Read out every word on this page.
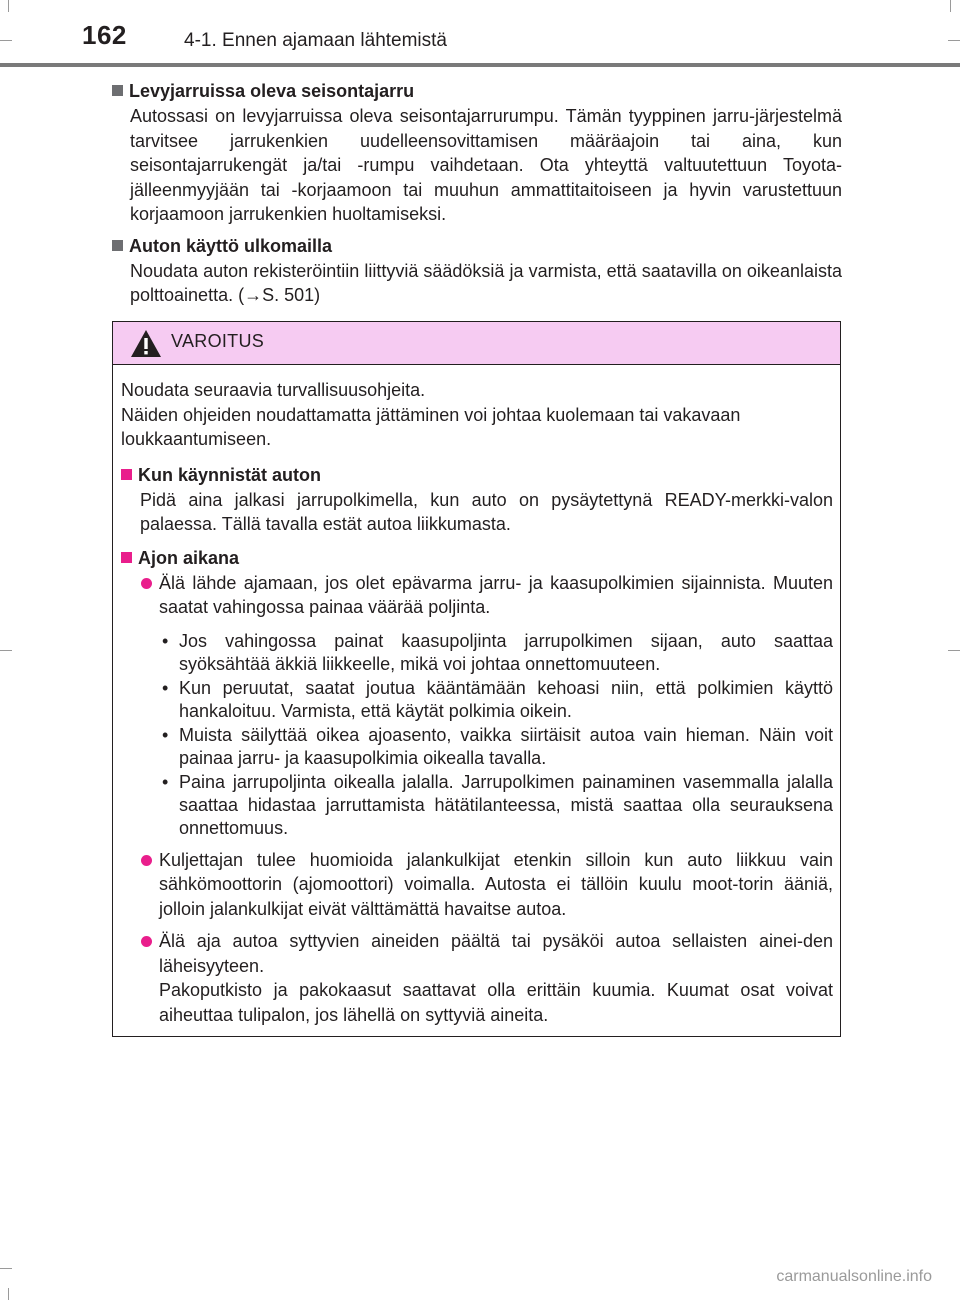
162	4-1. Ennen ajamaan lähtemistä

Levyjarruissa oleva seisontajarru

Autossasi on levyjarruissa oleva seisontajarrurumpu. Tämän tyyppinen jarru-järjestelmä tarvitsee jarrukenkien uudelleensovittamisen määräajoin tai aina, kun seisontajarrukengät ja/tai -rumpu vaihdetaan. Ota yhteyttä valtuutettuun Toyota-jälleenmyyjään tai -korjaamoon tai muuhun ammattitaitoiseen ja hyvin varustettuun korjaamoon jarrukenkien huoltamiseksi.

Auton käyttö ulkomailla

Noudata auton rekisteröintiin liittyviä säädöksiä ja varmista, että saatavilla on oikeanlaista polttoainetta. (→S. 501)

VAROITUS

Noudata seuraavia turvallisuusohjeita.
Näiden ohjeiden noudattamatta jättäminen voi johtaa kuolemaan tai vakavaan loukkaantumiseen.

Kun käynnistät auton

Pidä aina jalkasi jarrupolkimella, kun auto on pysäytettynä READY-merkki-valon palaessa. Tällä tavalla estät autoa liikkumasta.

Ajon aikana

Älä lähde ajamaan, jos olet epävarma jarru- ja kaasupolkimien sijainnista. Muuten saatat vahingossa painaa väärää poljinta.

• Jos vahingossa painat kaasupoljinta jarrupolkimen sijaan, auto saattaa syöksähtää äkkiä liikkeelle, mikä voi johtaa onnettomuuteen.
• Kun peruutat, saatat joutua kääntämään kehoasi niin, että polkimien käyttö hankaloituu. Varmista, että käytät polkimia oikein.
• Muista säilyttää oikea ajoasento, vaikka siirtäisit autoa vain hieman. Näin voit painaa jarru- ja kaasupolkimia oikealla tavalla.
• Paina jarrupoljinta oikealla jalalla. Jarrupolkimen painaminen vasemmalla jalalla saattaa hidastaa jarruttamista hätätilanteessa, mistä saattaa olla seurauksena onnettomuus.

Kuljettajan tulee huomioida jalankulkijat etenkin silloin kun auto liikkuu vain sähkömoottorin (ajomoottori) voimalla. Autosta ei tällöin kuulu moot-torin ääniä, jolloin jalankulkijat eivät välttämättä havaitse autoa.

Älä aja autoa syttyvien aineiden päältä tai pysäköi autoa sellaisten ainei-den läheisyyteen.

Pakoputkisto ja pakokaasut saattavat olla erittäin kuumia. Kuumat osat voivat aiheuttaa tulipalon, jos lähellä on syttyviä aineita.

carmanualsonline.info
